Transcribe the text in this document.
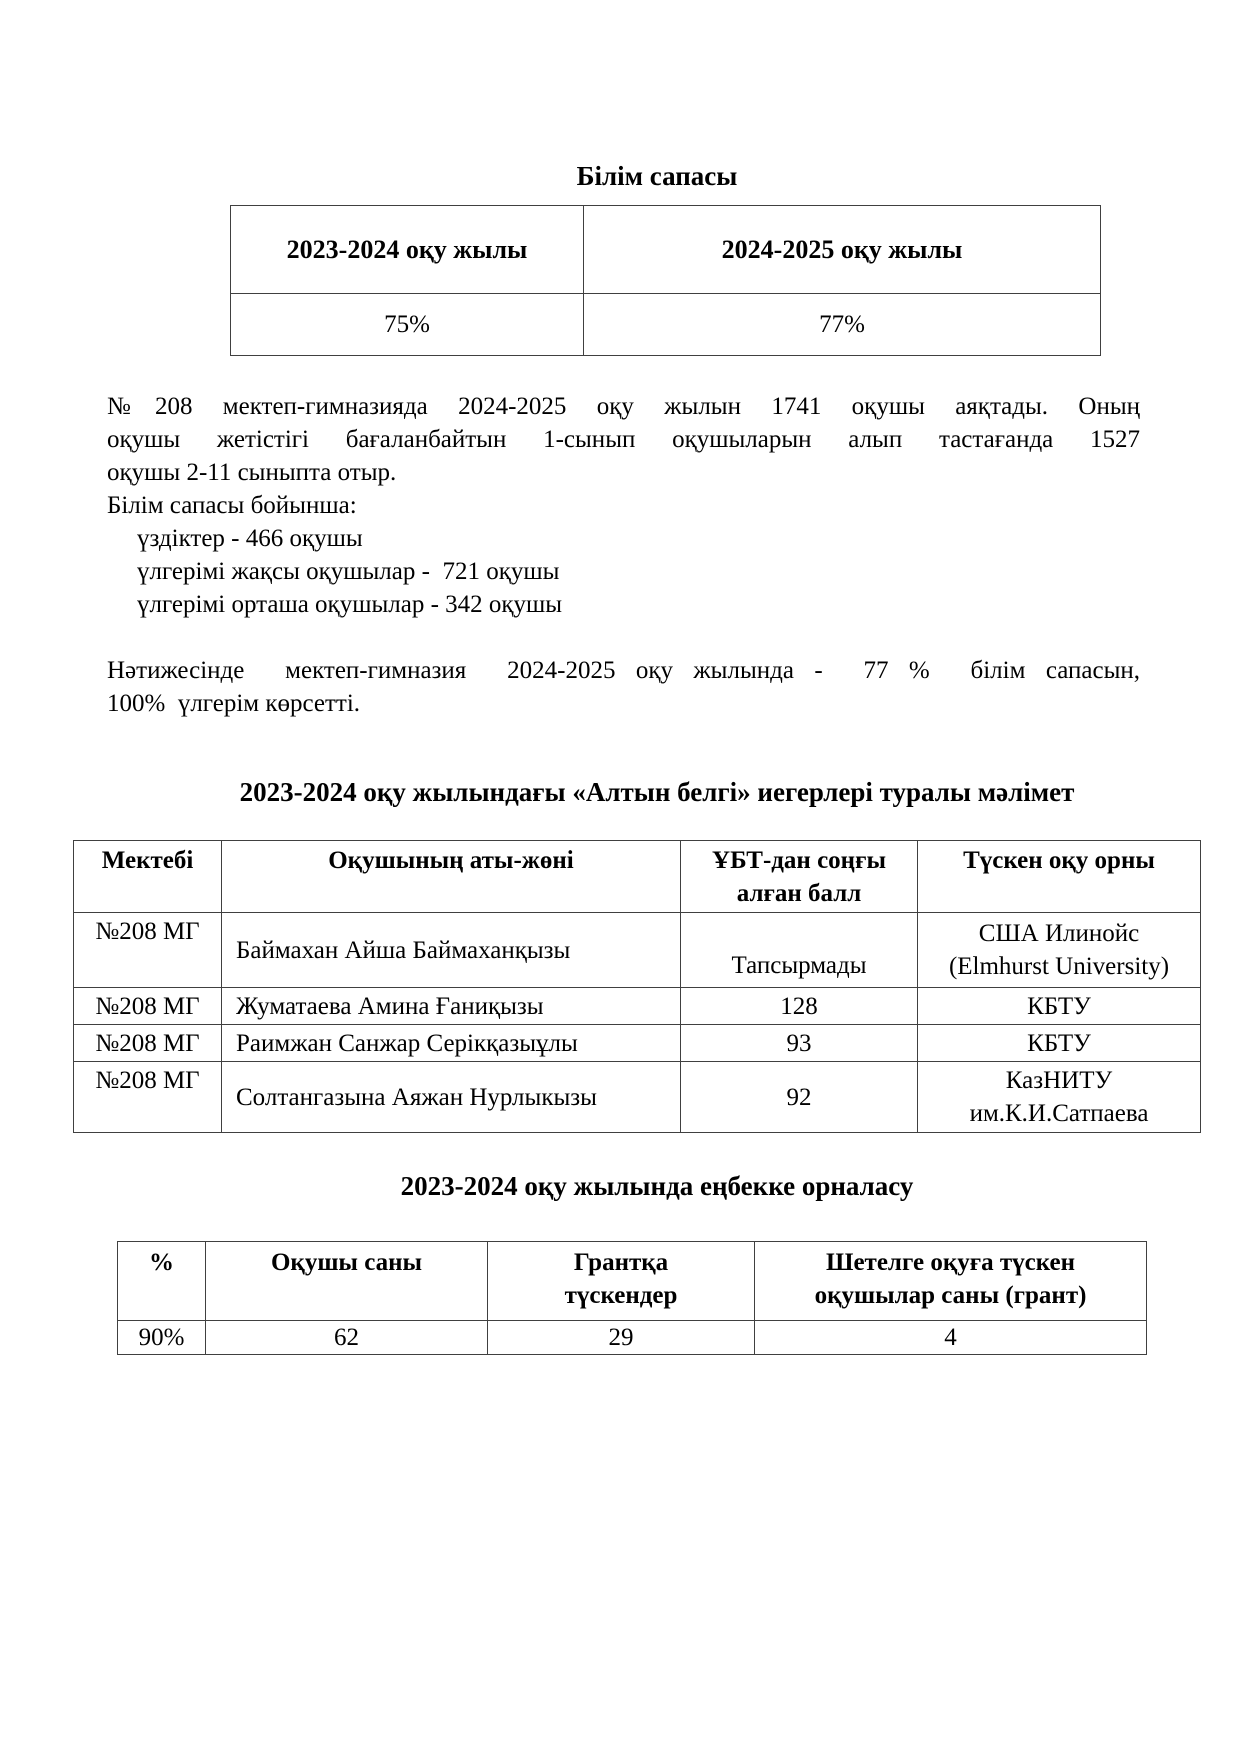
Білім сапасы
2023-2024 оқу жылы	2024-2025 оқу жылы
75%	77%
№208 мектеп-гимназияда 2024-2025 оқу жылын 1741 оқушы аяқтады. Оның
оқушы жетістігі бағаланбайтын 1-сынып оқушыларын алып тастағанда 1527
оқушы 2-11 сыныпта отыр.
Білім сапасы бойынша:
үздіктер - 466 оқушы
үлгерімі жақсы оқушылар -  721 оқушы
үлгерімі орташа оқушылар - 342 оқушы
Нәтижесінде  мектеп-гимназия  2024-2025 оқу жылында -  77 %  білім сапасын,
100%  үлгерім көрсетті.
2023-2024 оқу жылындағы «Алтын белгі» иегерлері туралы мәлімет
Мектебі	Оқушының аты-жөні	ҰБТ-дан соңғы алған балл	Түскен оқу орны
№208 МГ	Баймахан Айша Баймаханқызы	Тапсырмады	США Илинойс (Elmhurst University)
№208 МГ	Жуматаева Амина Ғаниқызы	128	КБТУ
№208 МГ	Раимжан Санжар Серікқазыұлы	93	КБТУ
№208 МГ	Солтангазына Аяжан Нурлыкызы	92	КазНИТУ им.К.И.Сатпаева
2023-2024 оқу жылында еңбекке орналасу
%	Оқушы саны	Грантқа түскендер	Шетелге оқуға түскен оқушылар саны (грант)
90%	62	29	4
